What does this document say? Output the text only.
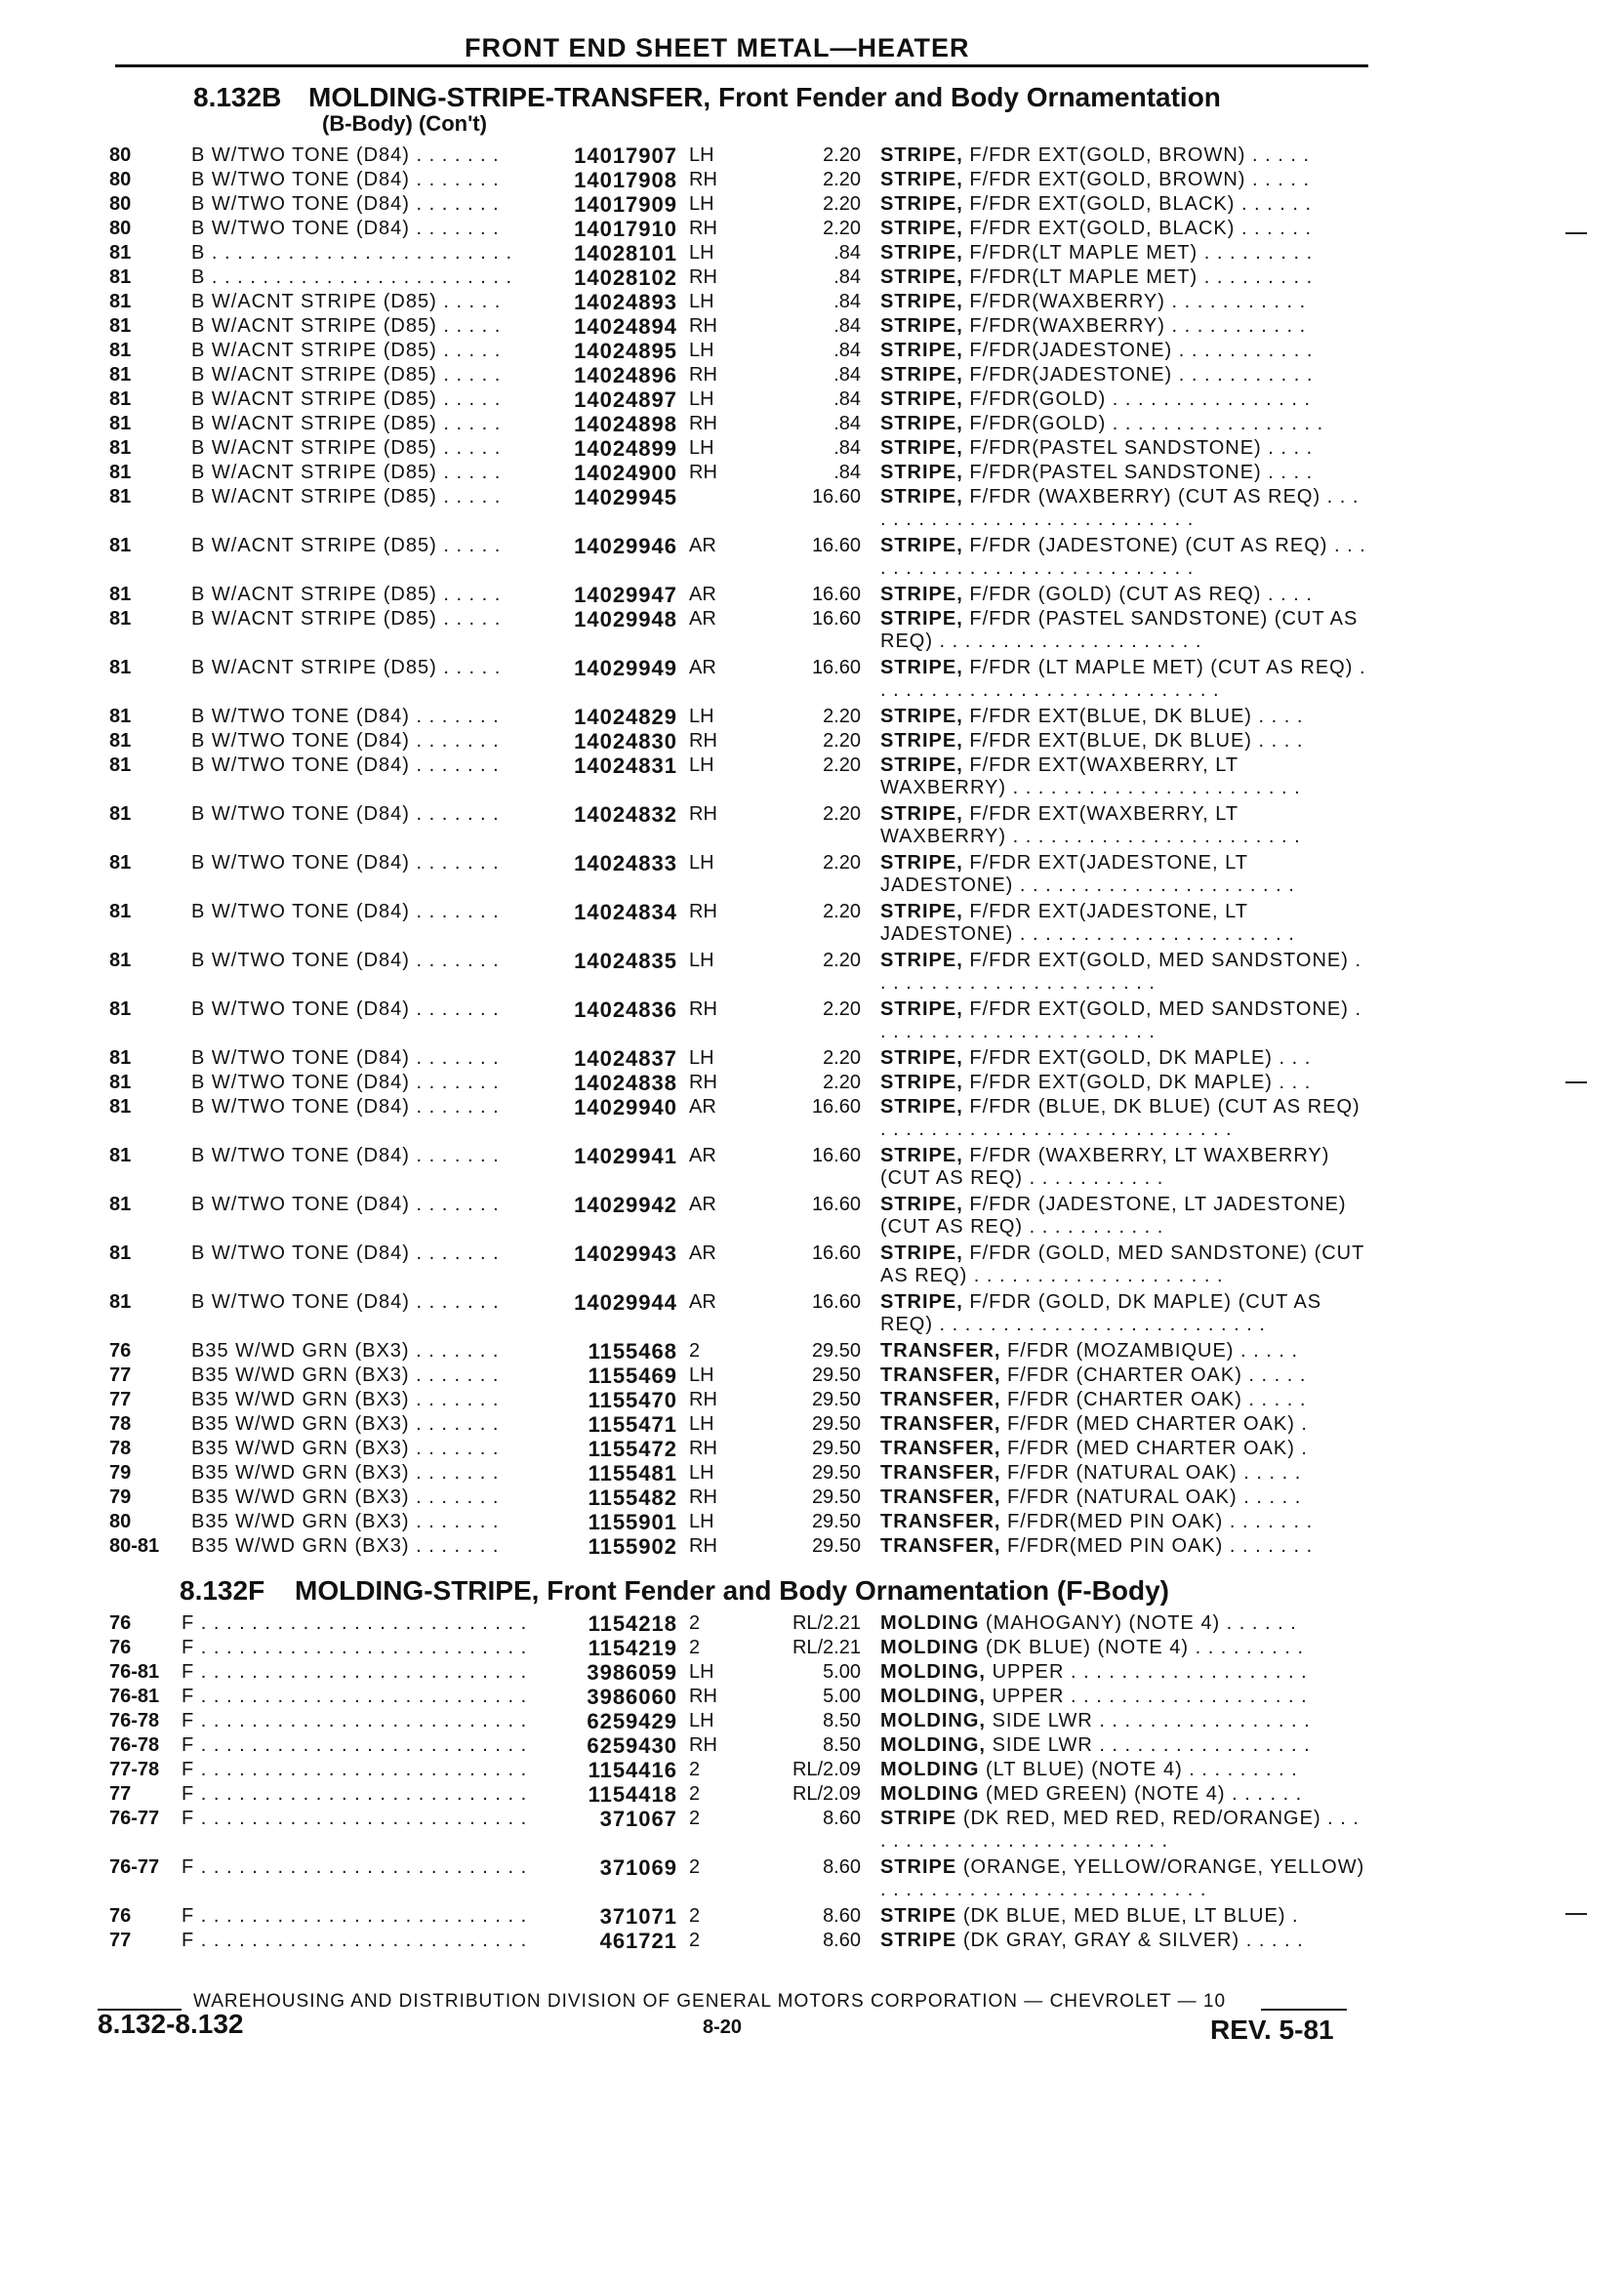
FRONT END SHEET METAL—HEATER
8.132B MOLDING-STRIPE-TRANSFER, Front Fender and Body Ornamentation
(B-Body) (Con't)
80	B W/TWO TONE (D84) . . . . . . .	14017907 LH	2.20 STRIPE, F/FDR EXT(GOLD, BROWN) . . . . .
80	B W/TWO TONE (D84) . . . . . . .	14017908 RH	2.20 STRIPE, F/FDR EXT(GOLD, BROWN) . . . . .
80	B W/TWO TONE (D84) . . . . . . .	14017909 LH	2.20 STRIPE, F/FDR EXT(GOLD, BLACK) . . . . . .
80	B W/TWO TONE (D84) . . . . . . .	14017910 RH	2.20 STRIPE, F/FDR EXT(GOLD, BLACK) . . . . . .
81	B . . . . . . . . . . . . . . . . . . . . . . . .	14028101 LH	.84 STRIPE, F/FDR(LT MAPLE MET) . . . . . . . . .
81	B . . . . . . . . . . . . . . . . . . . . . . . .	14028102 RH	.84 STRIPE, F/FDR(LT MAPLE MET) . . . . . . . . .
81	B W/ACNT STRIPE (D85) . . . . .	14024893 LH	.84 STRIPE, F/FDR(WAXBERRY) . . . . . . . . . . .
81	B W/ACNT STRIPE (D85) . . . . .	14024894 RH	.84 STRIPE, F/FDR(WAXBERRY) . . . . . . . . . . .
81	B W/ACNT STRIPE (D85) . . . . .	14024895 LH	.84 STRIPE, F/FDR(JADESTONE) . . . . . . . . . . .
81	B W/ACNT STRIPE (D85) . . . . .	14024896 RH	.84 STRIPE, F/FDR(JADESTONE) . . . . . . . . . . .
81	B W/ACNT STRIPE (D85) . . . . .	14024897 LH	.84 STRIPE, F/FDR(GOLD) . . . . . . . . . . . . . . . .
81	B W/ACNT STRIPE (D85) . . . . .	14024898 RH	.84 STRIPE, F/FDR(GOLD) . . . . . . . . . . . . . . . . .
81	B W/ACNT STRIPE (D85) . . . . .	14024899 LH	.84 STRIPE, F/FDR(PASTEL SANDSTONE) . . . .
81	B W/ACNT STRIPE (D85) . . . . .	14024900 RH	.84 STRIPE, F/FDR(PASTEL SANDSTONE) . . . .
81	B W/ACNT STRIPE (D85) . . . . .	14029945	16.60 STRIPE, F/FDR (WAXBERRY) (CUT AS REQ) . . . . . . . . . . . . . . . . . . . . . . . . . . . .
81	B W/ACNT STRIPE (D85) . . . . .	14029946 AR	16.60 STRIPE, F/FDR (JADESTONE) (CUT AS REQ) . . . . . . . . . . . . . . . . . . . . . . . . . . . .
81	B W/ACNT STRIPE (D85) . . . . .	14029947 AR	16.60 STRIPE, F/FDR (GOLD) (CUT AS REQ) . . . .
81	B W/ACNT STRIPE (D85) . . . . .	14029948 AR	16.60 STRIPE, F/FDR (PASTEL SANDSTONE) (CUT AS REQ) . . . . . . . . . . . . . . . . . . . . .
81	B W/ACNT STRIPE (D85) . . . . .	14029949 AR	16.60 STRIPE, F/FDR (LT MAPLE MET) (CUT AS REQ) . . . . . . . . . . . . . . . . . . . . . . . . . . . .
81	B W/TWO TONE (D84) . . . . . . .	14024829 LH	2.20 STRIPE, F/FDR EXT(BLUE, DK BLUE) . . . .
81	B W/TWO TONE (D84) . . . . . . .	14024830 RH	2.20 STRIPE, F/FDR EXT(BLUE, DK BLUE) . . . .
81	B W/TWO TONE (D84) . . . . . . .	14024831 LH	2.20 STRIPE, F/FDR EXT(WAXBERRY, LT WAXBERRY) . . . . . . . . . . . . . . . . . . . . . . .
81	B W/TWO TONE (D84) . . . . . . .	14024832 RH	2.20 STRIPE, F/FDR EXT(WAXBERRY, LT WAXBERRY) . . . . . . . . . . . . . . . . . . . . . . .
81	B W/TWO TONE (D84) . . . . . . .	14024833 LH	2.20 STRIPE, F/FDR EXT(JADESTONE, LT JADESTONE) . . . . . . . . . . . . . . . . . . . . . .
81	B W/TWO TONE (D84) . . . . . . .	14024834 RH	2.20 STRIPE, F/FDR EXT(JADESTONE, LT JADESTONE) . . . . . . . . . . . . . . . . . . . . . .
81	B W/TWO TONE (D84) . . . . . . .	14024835 LH	2.20 STRIPE, F/FDR EXT(GOLD, MED SANDSTONE) . . . . . . . . . . . . . . . . . . . . . . .
81	B W/TWO TONE (D84) . . . . . . .	14024836 RH	2.20 STRIPE, F/FDR EXT(GOLD, MED SANDSTONE) . . . . . . . . . . . . . . . . . . . . . . .
81	B W/TWO TONE (D84) . . . . . . .	14024837 LH	2.20 STRIPE, F/FDR EXT(GOLD, DK MAPLE) . . .
81	B W/TWO TONE (D84) . . . . . . .	14024838 RH	2.20 STRIPE, F/FDR EXT(GOLD, DK MAPLE) . . .
81	B W/TWO TONE (D84) . . . . . . .	14029940 AR	16.60 STRIPE, F/FDR (BLUE, DK BLUE) (CUT AS REQ) . . . . . . . . . . . . . . . . . . . . . . . . . . . .
81	B W/TWO TONE (D84) . . . . . . .	14029941 AR	16.60 STRIPE, F/FDR (WAXBERRY, LT WAXBERRY) (CUT AS REQ) . . . . . . . . . . .
81	B W/TWO TONE (D84) . . . . . . .	14029942 AR	16.60 STRIPE, F/FDR (JADESTONE, LT JADESTONE) (CUT AS REQ) . . . . . . . . . . .
81	B W/TWO TONE (D84) . . . . . . .	14029943 AR	16.60 STRIPE, F/FDR (GOLD, MED SANDSTONE) (CUT AS REQ) . . . . . . . . . . . . . . . . . . . .
81	B W/TWO TONE (D84) . . . . . . .	14029944 AR	16.60 STRIPE, F/FDR (GOLD, DK MAPLE) (CUT AS REQ) . . . . . . . . . . . . . . . . . . . . . . . . . .
76	B35 W/WD GRN (BX3) . . . . . . .	1155468 2	29.50 TRANSFER, F/FDR (MOZAMBIQUE) . . . . .
77	B35 W/WD GRN (BX3) . . . . . . .	1155469 LH	29.50 TRANSFER, F/FDR (CHARTER OAK) . . . . .
77	B35 W/WD GRN (BX3) . . . . . . .	1155470 RH	29.50 TRANSFER, F/FDR (CHARTER OAK) . . . . .
78	B35 W/WD GRN (BX3) . . . . . . .	1155471 LH	29.50 TRANSFER, F/FDR (MED CHARTER OAK) .
78	B35 W/WD GRN (BX3) . . . . . . .	1155472 RH	29.50 TRANSFER, F/FDR (MED CHARTER OAK) .
79	B35 W/WD GRN (BX3) . . . . . . .	1155481 LH	29.50 TRANSFER, F/FDR (NATURAL OAK) . . . . .
79	B35 W/WD GRN (BX3) . . . . . . .	1155482 RH	29.50 TRANSFER, F/FDR (NATURAL OAK) . . . . .
80	B35 W/WD GRN (BX3) . . . . . . .	1155901 LH	29.50 TRANSFER, F/FDR(MED PIN OAK) . . . . . . .
80-81 B35 W/WD GRN (BX3) . . . . . . .	1155902 RH	29.50 TRANSFER, F/FDR(MED PIN OAK) . . . . . . .
8.132F MOLDING-STRIPE, Front Fender and Body Ornamentation (F-Body)
76	F . . . . . . . . . . . . . . . . . . . . . . . . . .	1154218 2	RL/2.21 MOLDING (MAHOGANY) (NOTE 4) . . . . . .
76	F . . . . . . . . . . . . . . . . . . . . . . . . . .	1154219 2	RL/2.21 MOLDING (DK BLUE) (NOTE 4) . . . . . . . . .
76-81 F . . . . . . . . . . . . . . . . . . . . . . . . . .	3986059 LH	5.00 MOLDING, UPPER . . . . . . . . . . . . . . . . . . .
76-81 F . . . . . . . . . . . . . . . . . . . . . . . . . .	3986060 RH	5.00 MOLDING, UPPER . . . . . . . . . . . . . . . . . . .
76-78 F . . . . . . . . . . . . . . . . . . . . . . . . . .	6259429 LH	8.50 MOLDING, SIDE LWR . . . . . . . . . . . . . . . . .
76-78 F . . . . . . . . . . . . . . . . . . . . . . . . . .	6259430 RH	8.50 MOLDING, SIDE LWR . . . . . . . . . . . . . . . . .
77-78 F . . . . . . . . . . . . . . . . . . . . . . . . . .	1154416 2	RL/2.09 MOLDING (LT BLUE) (NOTE 4) . . . . . . . . .
77	F . . . . . . . . . . . . . . . . . . . . . . . . . .	1154418 2	RL/2.09 MOLDING (MED GREEN) (NOTE 4) . . . . . .
76-77 F . . . . . . . . . . . . . . . . . . . . . . . . . .	371067 2	8.60 STRIPE (DK RED, MED RED, RED/ORANGE) . . . . . . . . . . . . . . . . . . . . . . . . . .
76-77 F . . . . . . . . . . . . . . . . . . . . . . . . . .	371069 2	8.60 STRIPE (ORANGE, YELLOW/ORANGE, YELLOW) . . . . . . . . . . . . . . . . . . . . . . . . . .
76	F . . . . . . . . . . . . . . . . . . . . . . . . . .	371071 2	8.60 STRIPE (DK BLUE, MED BLUE, LT BLUE) .
77	F . . . . . . . . . . . . . . . . . . . . . . . . . .	461721 2	8.60 STRIPE (DK GRAY, GRAY & SILVER) . . . . .
WAREHOUSING AND DISTRIBUTION DIVISION OF GENERAL MOTORS CORPORATION — CHEVROLET — 10
8.132-8.132	8-20	REV. 5-81
